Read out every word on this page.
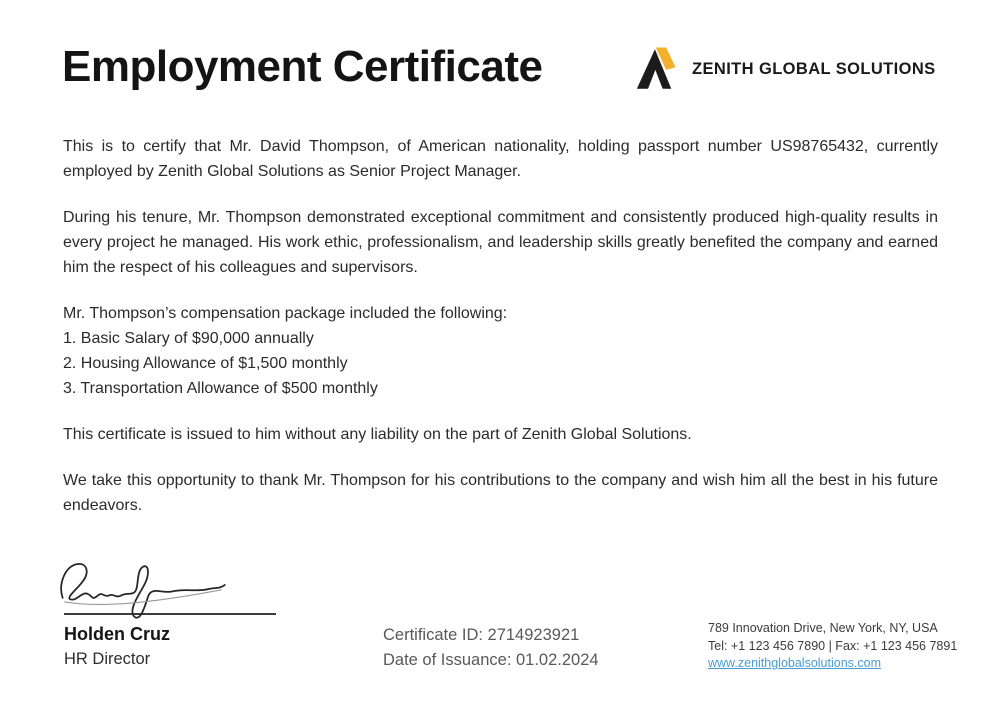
Employment Certificate	ZENITH GLOBAL SOLUTIONS

This is to certify that Mr. David Thompson, of American nationality, holding passport number US98765432, currently employed by Zenith Global Solutions as Senior Project Manager.

During his tenure, Mr. Thompson demonstrated exceptional commitment and consistently produced high-quality results in every project he managed. His work ethic, professionalism, and leadership skills greatly benefited the company and earned him the respect of his colleagues and supervisors.

Mr. Thompson’s compensation package included the following:
1. Basic Salary of $90,000 annually
2. Housing Allowance of $1,500 monthly
3. Transportation Allowance of $500 monthly

This certificate is issued to him without any liability on the part of Zenith Global Solutions.

We take this opportunity to thank Mr. Thompson for his contributions to the company and wish him all the best in his future endeavors.

Holden Cruz
HR Director
Certificate ID: 2714923921
Date of Issuance: 01.02.2024
789 Innovation Drive, New York, NY, USA
Tel: +1 123 456 7890 | Fax: +1 123 456 7891
www.zenithglobalsolutions.com
